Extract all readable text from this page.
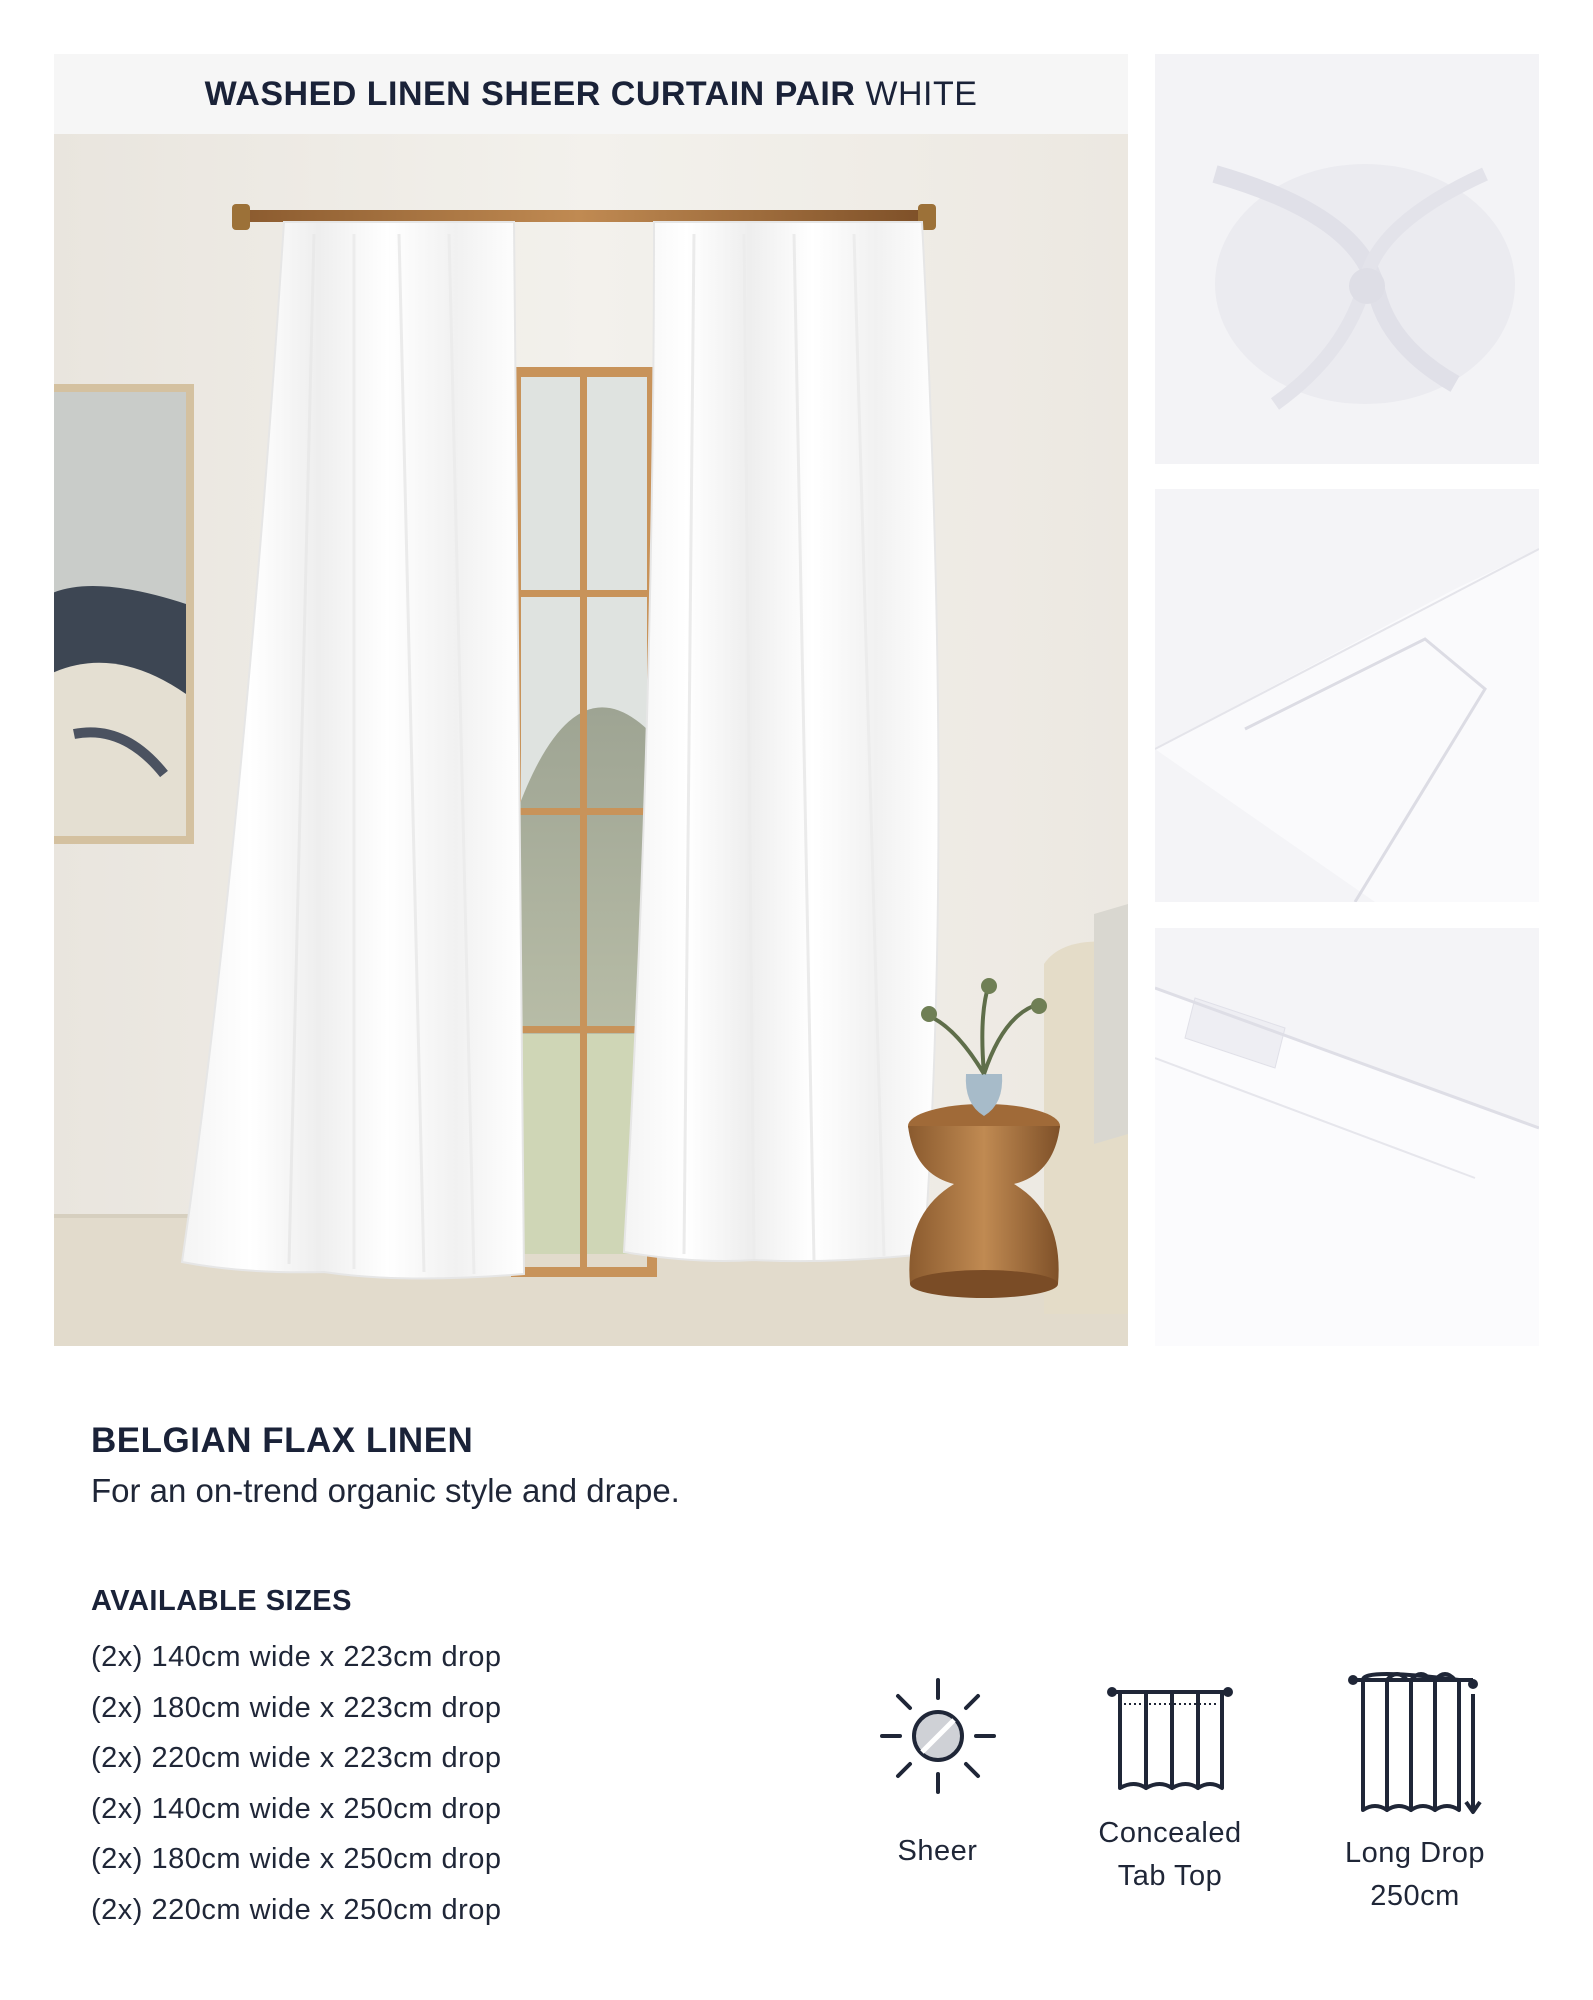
WASHED LINEN SHEER CURTAIN PAIR WHITE
BELGIAN FLAX LINEN
For an on-trend organic style and drape.
AVAILABLE SIZES
(2x) 140cm wide x 223cm drop
(2x) 180cm wide x 223cm drop
(2x) 220cm wide x 223cm drop
(2x) 140cm wide x 250cm drop
(2x) 180cm wide x 250cm drop
(2x) 220cm wide x 250cm drop
Sheer
Concealed
Tab Top
Long Drop
250cm
